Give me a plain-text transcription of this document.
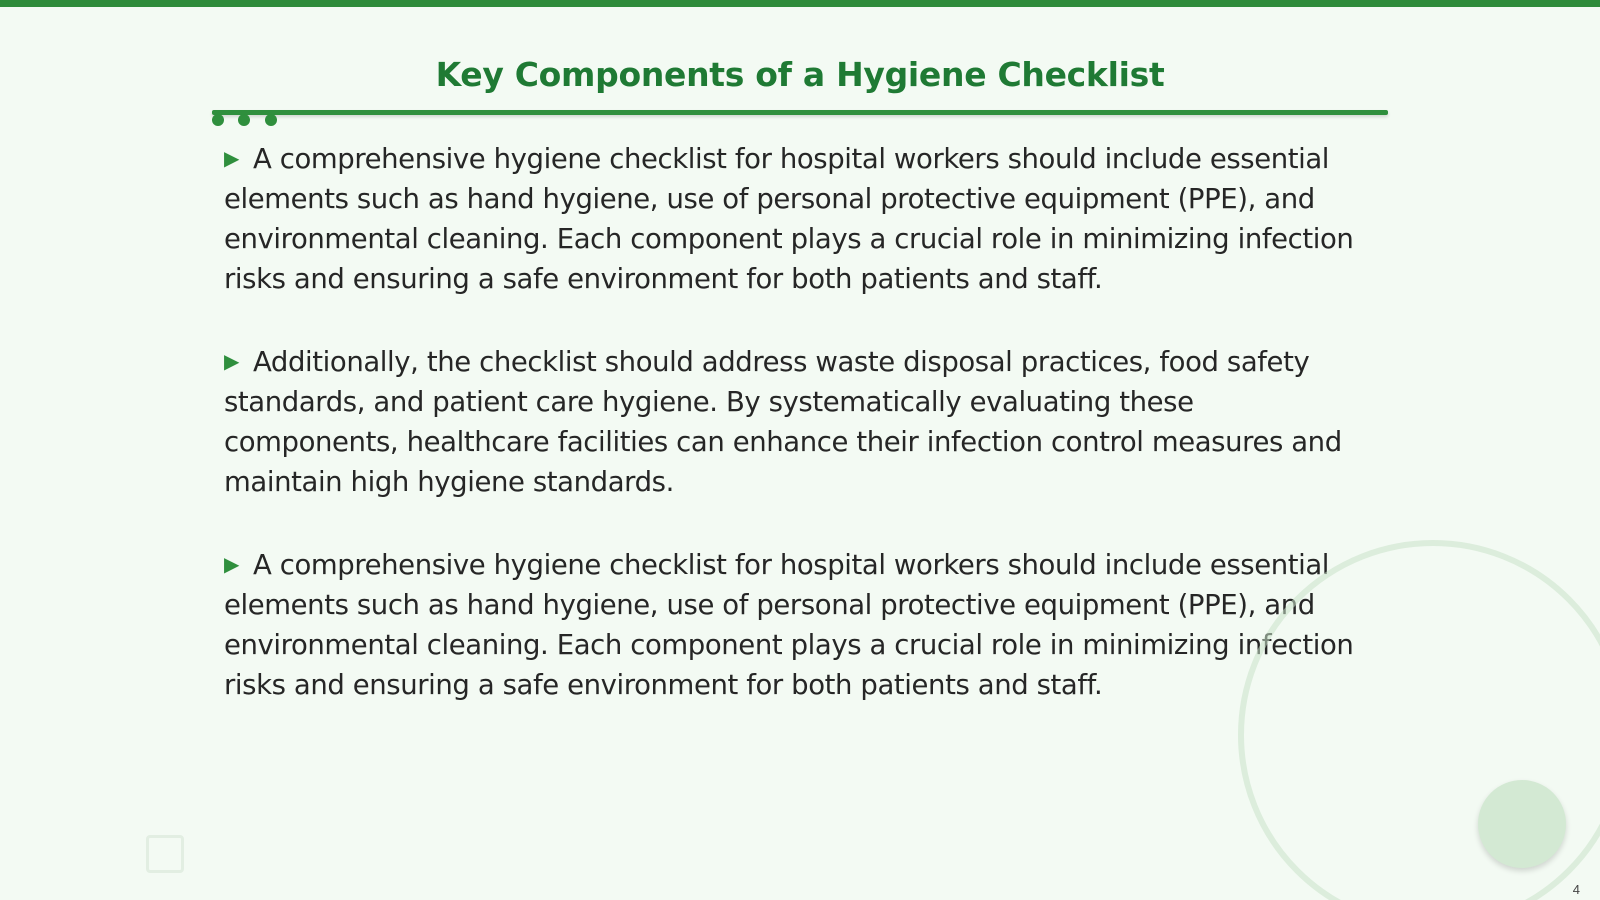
Key Components of a Hygiene Checklist
▶ A comprehensive hygiene checklist for hospital workers should include essential elements such as hand hygiene, use of personal protective equipment (PPE), and environmental cleaning. Each component plays a crucial role in minimizing infection risks and ensuring a safe environment for both patients and staff.
▶ Additionally, the checklist should address waste disposal practices, food safety standards, and patient care hygiene. By systematically evaluating these components, healthcare facilities can enhance their infection control measures and maintain high hygiene standards.
▶ A comprehensive hygiene checklist for hospital workers should include essential elements such as hand hygiene, use of personal protective equipment (PPE), and environmental cleaning. Each component plays a crucial role in minimizing infection risks and ensuring a safe environment for both patients and staff.
4
